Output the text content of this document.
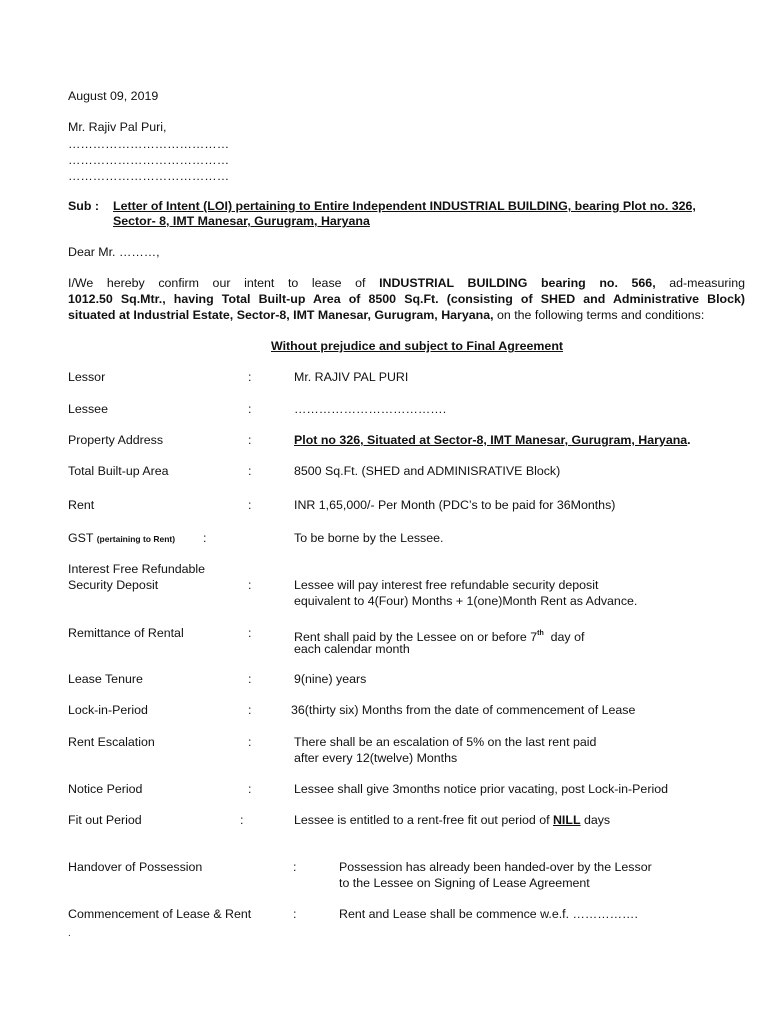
August 09, 2019
Mr. Rajiv Pal Puri,
…………………………………
…………………………………
…………………………………
Sub : Letter of Intent (LOI) pertaining to Entire Independent INDUSTRIAL BUILDING, bearing Plot no. 326,
Sector- 8, IMT Manesar, Gurugram, Haryana
Dear Mr. ………,
I/We hereby confirm our intent to lease of INDUSTRIAL BUILDING bearing no. 566, ad-measuring
1012.50 Sq.Mtr., having Total Built-up Area of 8500 Sq.Ft. (consisting of SHED and Administrative Block)
situated at Industrial Estate, Sector-8, IMT Manesar, Gurugram, Haryana, on the following terms and conditions:
Without prejudice and subject to Final Agreement
Lessor	:	Mr. RAJIV PAL PURI
Lessee	:	……………………………….
Property Address	:	Plot no 326, Situated at Sector-8, IMT Manesar, Gurugram, Haryana.
Total Built-up Area	:	8500 Sq.Ft. (SHED and ADMINISRATIVE Block)
Rent	:	INR 1,65,000/- Per Month (PDC’s to be paid for 36Months)
GST (pertaining to Rent) :	To be borne by the Lessee.
Interest Free Refundable
Security Deposit	:	Lessee will pay interest free refundable security deposit
equivalent to 4(Four) Months + 1(one)Month Rent as Advance.
Remittance of Rental	:	Rent shall paid by the Lessee on or before 7th  day of
each calendar month
Lease Tenure	:	9(nine) years
Lock-in-Period	:	36(thirty six) Months from the date of commencement of Lease
Rent Escalation	:	There shall be an escalation of 5% on the last rent paid
after every 12(twelve) Months
Notice Period	:	Lessee shall give 3months notice prior vacating, post Lock-in-Period
Fit out Period	:	Lessee is entitled to a rent-free fit out period of NILL days
Handover of Possession	:	Possession has already been handed-over by the Lessor
to the Lessee on Signing of Lease Agreement
Commencement of Lease & Rent	:	Rent and Lease shall be commence w.e.f. …………….
.
